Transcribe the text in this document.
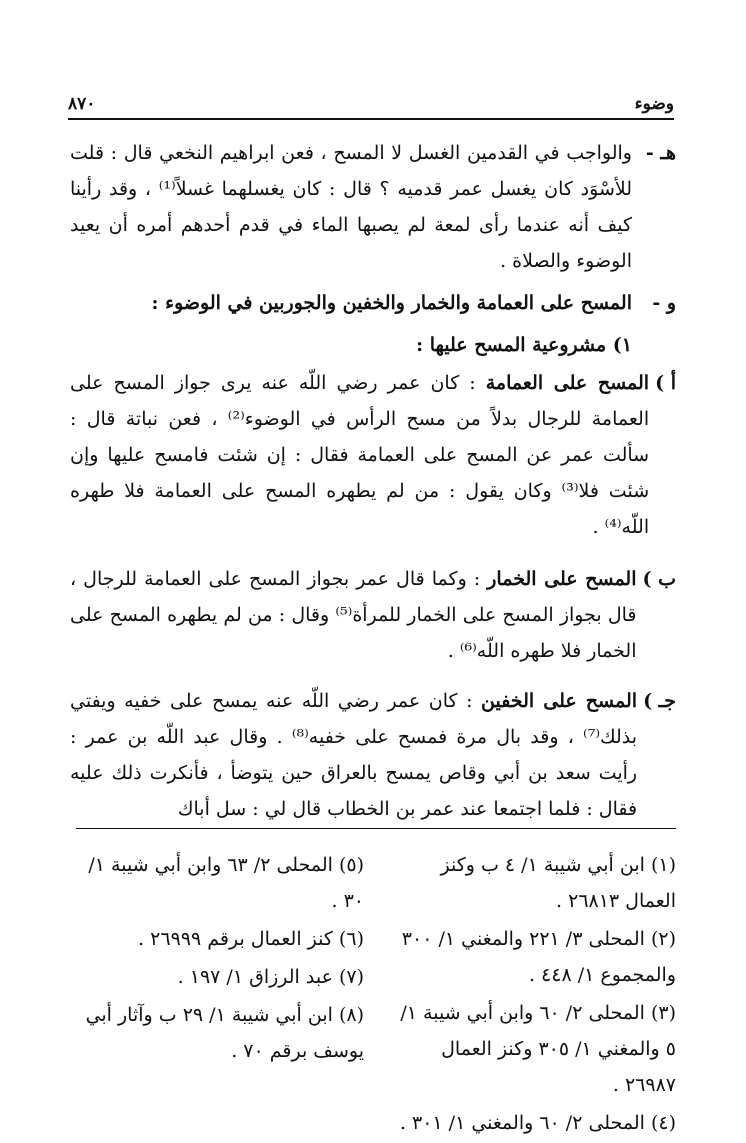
وضوء
٨٧٠

هـ -
والواجب في القدمين الغسل لا المسح ، فعن ابراهيم النخعي قال : قلت للأسْوَد كان يغسل عمر قدميه ؟ قال : كان يغسلهما غسلاً⁽¹⁾ ، وقد رأينا كيف أنه عندما رأى لمعة لم يصبها الماء في قدم أحدهم أمره أن يعيد الوضوء والصلاة .

و -
المسح على العمامة والخمار والخفين والجوربين في الوضوء :

١) مشروعية المسح عليها :

أ )
المسح على العمامة : كان عمر رضي اللّه عنه يرى جواز المسح على العمامة للرجال بدلاً من مسح الرأس في الوضوء⁽²⁾ ، فعن نباتة قال : سألت عمر عن المسح على العمامة فقال : إن شئت فامسح عليها وإن شئت فلا⁽³⁾ وكان يقول : من لم يطهره المسح على العمامة فلا طهره اللّه⁽⁴⁾ .

ب )
المسح على الخمار : وكما قال عمر بجواز المسح على العمامة للرجال ، قال بجواز المسح على الخمار للمرأة⁽⁵⁾ وقال : من لم يطهره المسح على الخمار فلا طهره اللّه⁽⁶⁾ .

جـ )
المسح على الخفين : كان عمر رضي اللّه عنه يمسح على خفيه ويفتي بذلك⁽⁷⁾ ، وقد بال مرة فمسح على خفيه⁽⁸⁾ . وقال عبد اللّه بن عمر : رأيت سعد بن أبي وقاص يمسح بالعراق حين يتوضأ ، فأنكرت ذلك عليه فقال : فلما اجتمعا عند عمر بن الخطاب قال لي : سل أباك

(١) ابن أبي شيبة ١/ ٤ ب وكنز العمال ٢٦٨١٣ .

(٢) المحلى ٣/ ٢٢١ والمغني ١/ ٣٠٠ والمجموع ١/ ٤٤٨ .

(٣) المحلى ٢/ ٦٠ وابن أبي شيبة ١/ ٥ والمغني ١/ ٣٠٥ وكنز العمال ٢٦٩٨٧ .

(٤) المحلى ٢/ ٦٠ والمغني ١/ ٣٠١ .

(٥) المحلى ٢/ ٦٣ وابن أبي شيبة ١/ ٣٠ .

(٦) كنز العمال برقم ٢٦٩٩٩ .

(٧) عبد الرزاق ١/ ١٩٧ .

(٨) ابن أبي شيبة ١/ ٢٩ ب وآثار أبي يوسف برقم ٧٠ .
